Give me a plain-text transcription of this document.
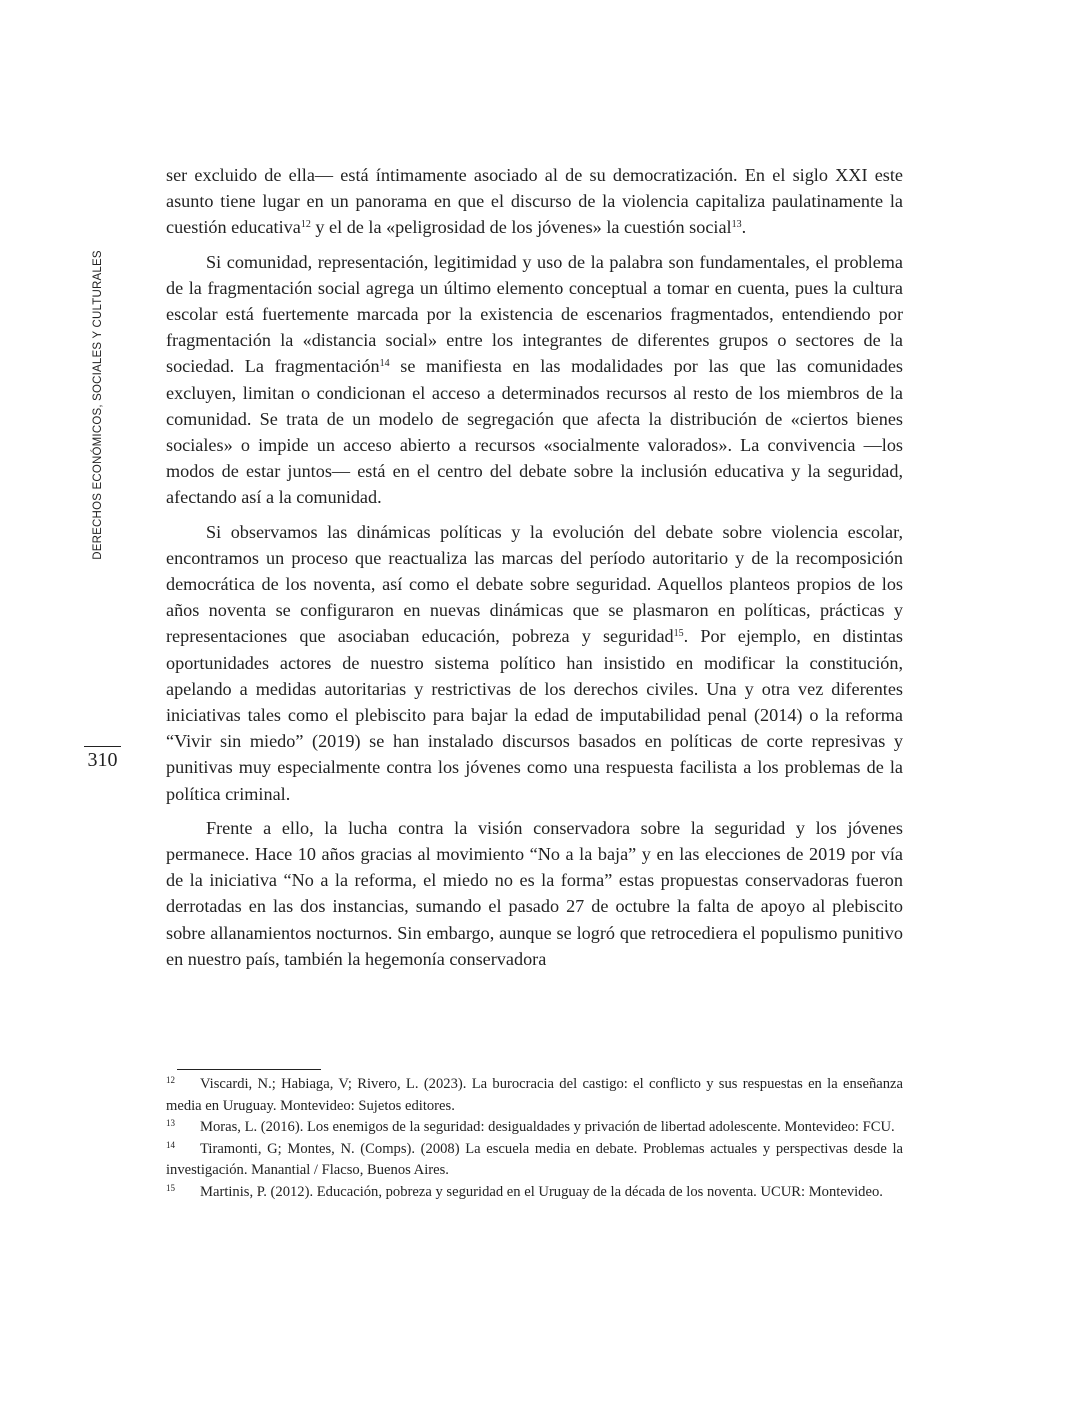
DERECHOS ECONÓMICOS, SOCIALES Y CULTURALES
310

ser excluido de ella— está íntimamente asociado al de su democratización. En el siglo XXI este asunto tiene lugar en un panorama en que el discurso de la violencia capitaliza paulatinamente la cuestión educativa$^{12}$ y el de la «peligrosidad de los jóvenes» la cuestión social$^{13}$.

Si comunidad, representación, legitimidad y uso de la palabra son fundamentales, el problema de la fragmentación social agrega un último elemento conceptual a tomar en cuenta, pues la cultura escolar está fuertemente marcada por la existencia de escenarios fragmentados, entendiendo por fragmentación la «distancia social» entre los integrantes de diferentes grupos o sectores de la sociedad. La fragmentación$^{14}$ se manifiesta en las modalidades por las que las comunidades excluyen, limitan o condicionan el acceso a determinados recursos al resto de los miembros de la comunidad. Se trata de un modelo de segregación que afecta la distribución de «ciertos bienes sociales» o impide un acceso abierto a recursos «socialmente valorados». La convivencia —los modos de estar juntos— está en el centro del debate sobre la inclusión educativa y la seguridad, afectando así a la comunidad.

Si observamos las dinámicas políticas y la evolución del debate sobre violencia escolar, encontramos un proceso que reactualiza las marcas del período autoritario y de la recomposición democrática de los noventa, así como el debate sobre seguridad. Aquellos planteos propios de los años noventa se configuraron en nuevas dinámicas que se plasmaron en políticas, prácticas y representaciones que asociaban educación, pobreza y seguridad$^{15}$. Por ejemplo, en distintas oportunidades actores de nuestro sistema político han insistido en modificar la constitución, apelando a medidas autoritarias y restrictivas de los derechos civiles. Una y otra vez diferentes iniciativas tales como el plebiscito para bajar la edad de imputabilidad penal (2014) o la reforma “Vivir sin miedo” (2019) se han instalado discursos basados en políticas de corte represivas y punitivas muy especialmente contra los jóvenes como una respuesta facilista a los problemas de la política criminal.

Frente a ello, la lucha contra la visión conservadora sobre la seguridad y los jóvenes permanece. Hace 10 años gracias al movimiento “No a la baja” y en las elecciones de 2019 por vía de la iniciativa “No a la reforma, el miedo no es la forma” estas propuestas conservadoras fueron derrotadas en las dos instancias, sumando el pasado 27 de octubre la falta de apoyo al plebiscito sobre allanamientos nocturnos. Sin embargo, aunque se logró que retrocediera el populismo punitivo en nuestro país, también la hegemonía conservadora

12 Viscardi, N.; Habiaga, V; Rivero, L. (2023). La burocracia del castigo: el conflicto y sus respuestas en la enseñanza media en Uruguay. Montevideo: Sujetos editores.

13 Moras, L. (2016). Los enemigos de la seguridad: desigualdades y privación de libertad adolescente. Montevideo: FCU.

14 Tiramonti, G; Montes, N. (Comps). (2008) La escuela media en debate. Problemas actuales y perspectivas desde la investigación. Manantial / Flacso, Buenos Aires.

15 Martinis, P. (2012). Educación, pobreza y seguridad en el Uruguay de la década de los noventa. UCUR: Montevideo.
